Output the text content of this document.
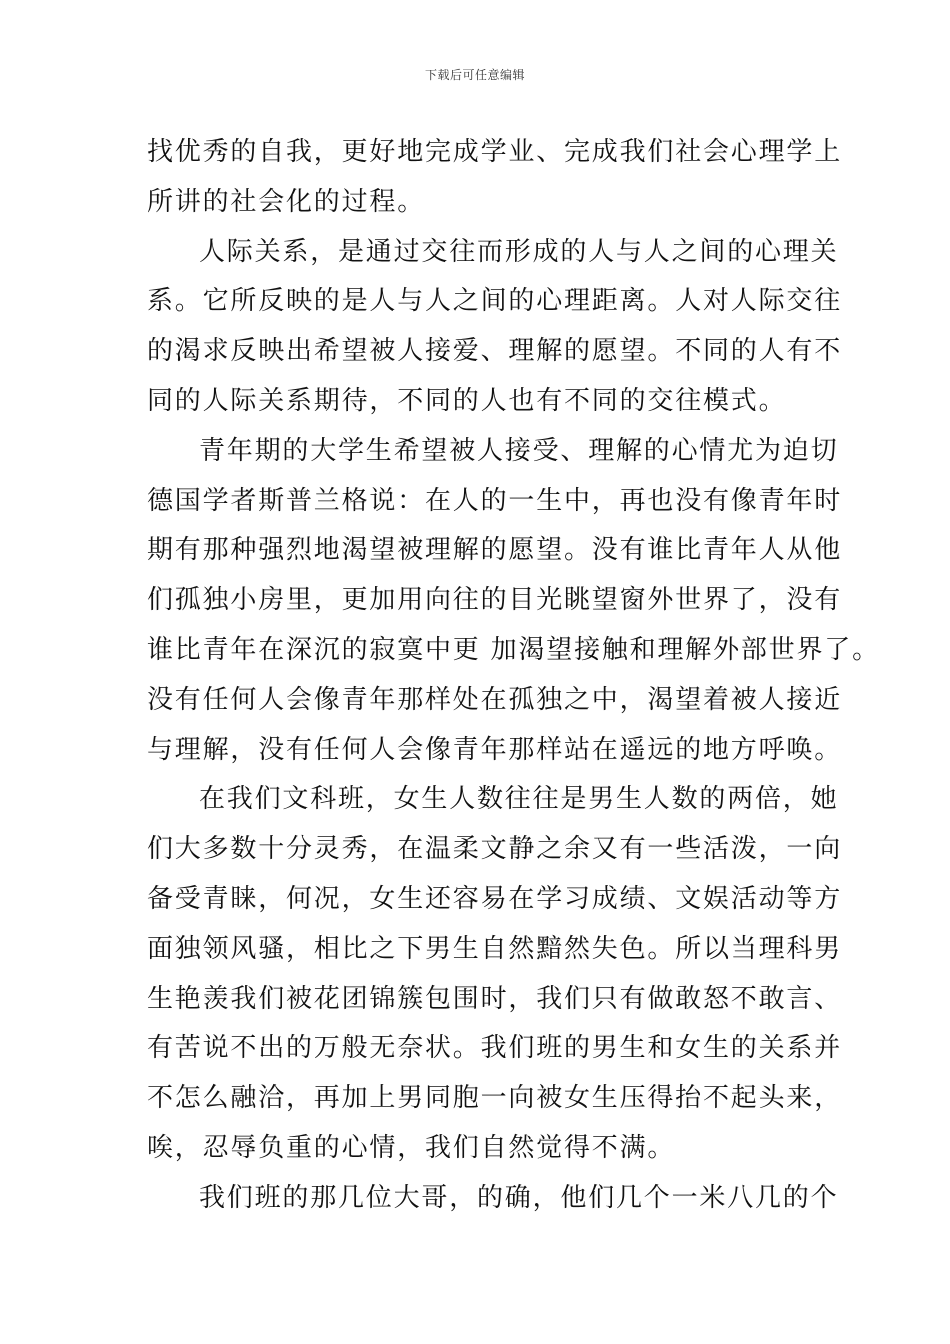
下载后可任意编辑
找优秀的自我，更好地完成学业、完成我们社会心理学上
所讲的社会化的过程。
人际关系，是通过交往而形成的人与人之间的心理关
系。它所反映的是人与人之间的心理距离。人对人际交往
的渴求反映出希望被人接爱、理解的愿望。不同的人有不
同的人际关系期待，不同的人也有不同的交往模式。
青年期的大学生希望被人接受、理解的心情尤为迫切
德国学者斯普兰格说：在人的一生中，再也没有像青年时
期有那种强烈地渴望被理解的愿望。没有谁比青年人从他
们孤独小房里，更加用向往的目光眺望窗外世界了，没有
谁比青年在深沉的寂寞中更 加渴望接触和理解外部世界了。
没有任何人会像青年那样处在孤独之中，渴望着被人接近
与理解，没有任何人会像青年那样站在遥远的地方呼唤。
在我们文科班，女生人数往往是男生人数的两倍，她
们大多数十分灵秀，在温柔文静之余又有一些活泼，一向
备受青睐，何况，女生还容易在学习成绩、文娱活动等方
面独领风骚，相比之下男生自然黯然失色。所以当理科男
生艳羡我们被花团锦簇包围时，我们只有做敢怒不敢言、
有苦说不出的万般无奈状。我们班的男生和女生的关系并
不怎么融洽，再加上男同胞一向被女生压得抬不起头来，
唉，忍辱负重的心情，我们自然觉得不满。
我们班的那几位大哥，的确，他们几个一米八几的个
